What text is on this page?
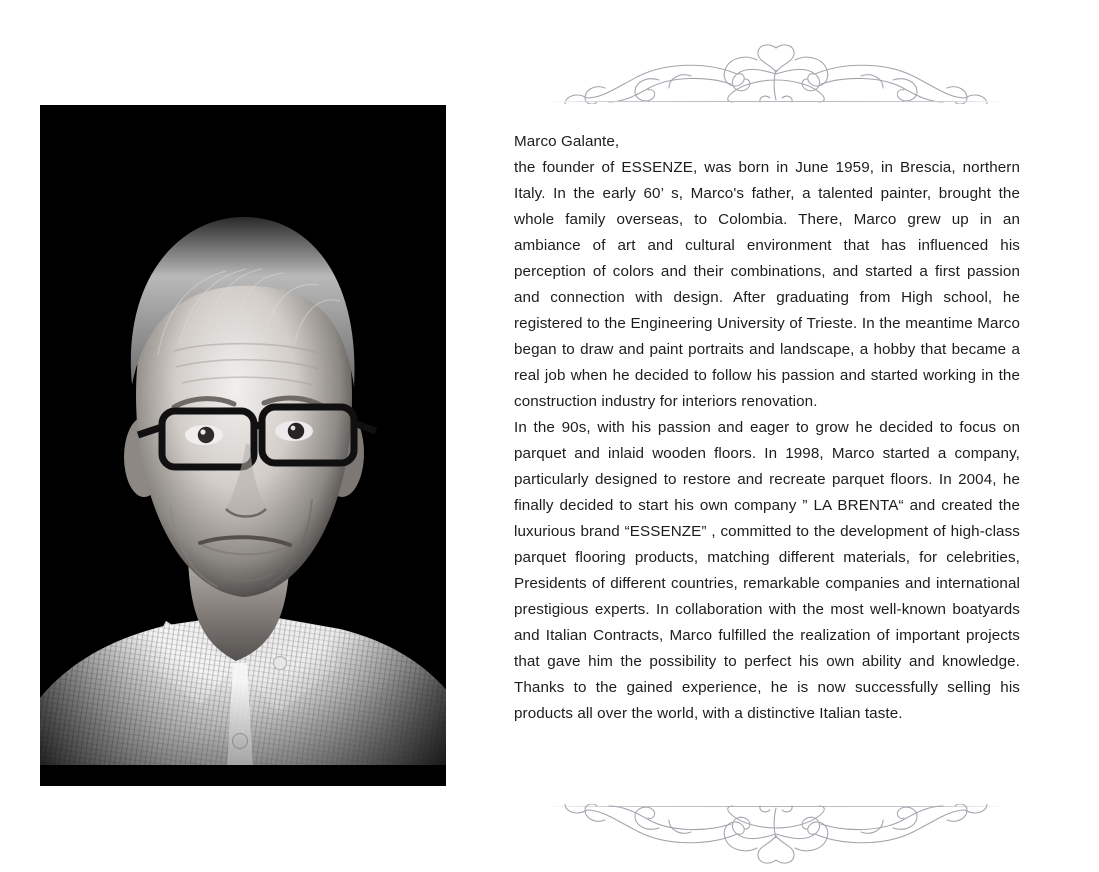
Marco Galante,

the founder of ESSENZE, was born in June 1959, in Brescia, northern Italy. In the early 60’ s, Marco's father, a talented painter, brought the whole family overseas, to Colombia. There, Marco grew up in an ambiance of art and cultural environment that has influenced his perception of colors and their combinations, and started a first passion and connection with design. After graduating from High school, he registered to the Engineering University of Trieste. In the meantime Marco began to draw and paint portraits and landscape, a hobby that became a real job when he decided to follow his passion and started working in the construction industry for interiors renovation.

In the 90s, with his passion and eager to grow he decided to focus on parquet and inlaid wooden floors. In 1998, Marco started a company, particularly designed to restore and recreate parquet floors. In 2004, he finally decided to start his own company ” LA BRENTA“ and created the luxurious brand “ESSENZE” , committed to the development of high-class parquet flooring products, matching different materials, for celebrities, Presidents of different countries, remarkable companies and international prestigious experts. In collaboration with the most well-known boatyards and Italian Contracts, Marco fulfilled the realization of important projects that gave him the possibility to perfect his own ability and knowledge. Thanks to the gained experience, he is now successfully selling his products all over the world, with a distinctive Italian taste.
